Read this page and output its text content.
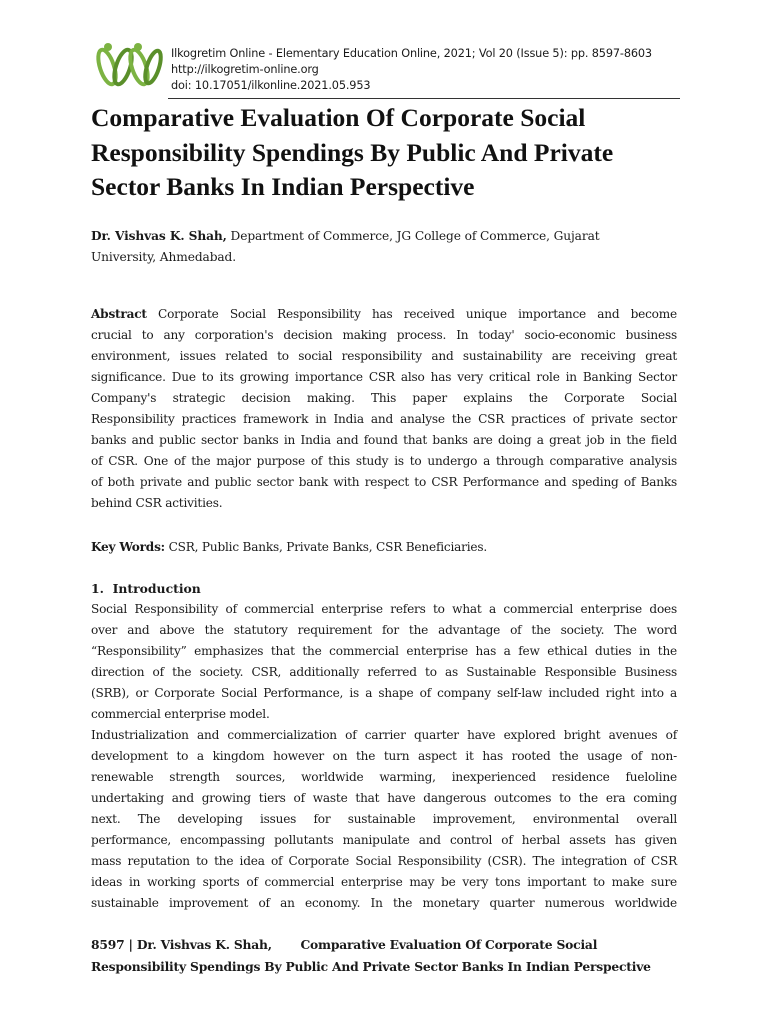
Ilkogretim Online - Elementary Education Online, 2021; Vol 20 (Issue 5): pp. 8597-8603
http://ilkogretim-online.org
doi: 10.17051/ilkonline.2021.05.953
Comparative Evaluation Of Corporate Social
Responsibility Spendings By Public And Private
Sector Banks In Indian Perspective
Dr. Vishvas K. Shah, Department of Commerce, JG College of Commerce, Gujarat
University, Ahmedabad.
Abstract Corporate Social Responsibility has received unique importance and become
crucial to any corporation's decision making process. In today' socio-economic business
environment, issues related to social responsibility and sustainability are receiving great
significance. Due to its growing importance CSR also has very critical role in Banking Sector
Company's strategic decision making. This paper explains the Corporate Social
Responsibility practices framework in India and analyse the CSR practices of private sector
banks and public sector banks in India and found that banks are doing a great job in the field
of CSR. One of the major purpose of this study is to undergo a through comparative analysis
of both private and public sector bank with respect to CSR Performance and speding of Banks
behind CSR activities.
Key Words: CSR, Public Banks, Private Banks, CSR Beneficiaries.
1. Introduction
Social Responsibility of commercial enterprise refers to what a commercial enterprise does
over and above the statutory requirement for the advantage of the society. The word
“Responsibility” emphasizes that the commercial enterprise has a few ethical duties in the
direction of the society. CSR, additionally referred to as Sustainable Responsible Business
(SRB), or Corporate Social Performance, is a shape of company self-law included right into a
commercial enterprise model.
Industrialization and commercialization of carrier quarter have explored bright avenues of
development to a kingdom however on the turn aspect it has rooted the usage of non-
renewable strength sources, worldwide warming, inexperienced residence fueloline
undertaking and growing tiers of waste that have dangerous outcomes to the era coming
next. The developing issues for sustainable improvement, environmental overall
performance, encompassing pollutants manipulate and control of herbal assets has given
mass reputation to the idea of Corporate Social Responsibility (CSR). The integration of CSR
ideas in working sports of commercial enterprise may be very tons important to make sure
sustainable improvement of an economy. In the monetary quarter numerous worldwide
8597 | Dr. Vishvas K. Shah, Comparative Evaluation Of Corporate Social
Responsibility Spendings By Public And Private Sector Banks In Indian Perspective
